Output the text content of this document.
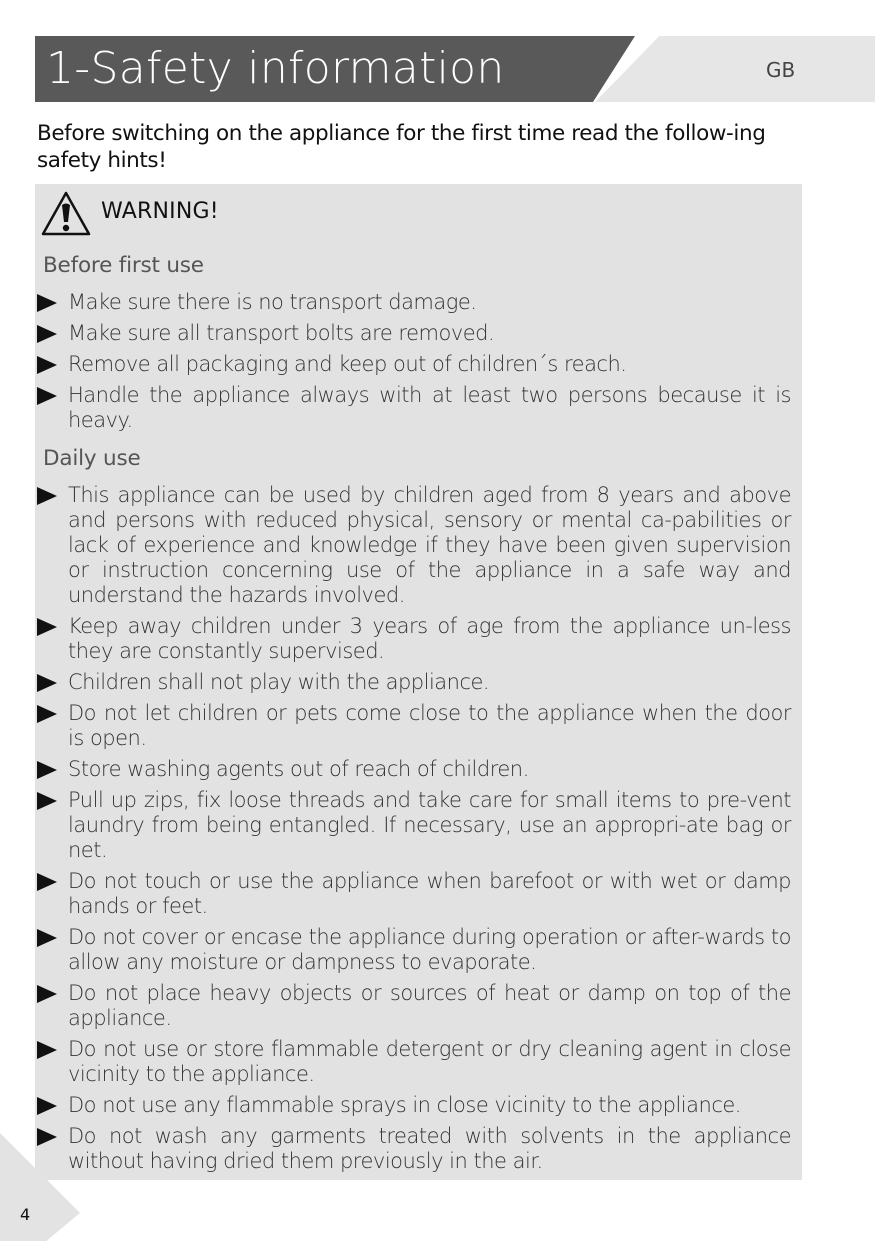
1-Safety information	GB
Before switching on the appliance for the first time read the follow-ing safety hints!
WARNING!
Before first use
Make sure there is no transport damage.
Make sure all transport bolts are removed.
Remove all packaging and keep out of children´s reach.
Handle the appliance always with at least two persons because it is heavy.
Daily use
This appliance can be used by children aged from 8 years and above and persons with reduced physical, sensory or mental ca-pabilities or lack of experience and knowledge if they have been given supervision or instruction concerning use of the appliance in a safe way and understand the hazards involved.
Keep away children under 3 years of age from the appliance un-less they are constantly supervised.
Children shall not play with the appliance.
Do not let children or pets come close to the appliance when the door is open.
Store washing agents out of reach of children.
Pull up zips, fix loose threads and take care for small items to pre-vent laundry from being entangled. If necessary, use an appropri-ate bag or net.
Do not touch or use the appliance when barefoot or with wet or damp hands or feet.
Do not cover or encase the appliance during operation or after-wards to allow any moisture or dampness to evaporate.
Do not place heavy objects or sources of heat or damp on top of the appliance.
Do not use or store flammable detergent or dry cleaning agent in close vicinity to the appliance.
Do not use any flammable sprays in close vicinity to the appliance.
Do not wash any garments treated with solvents in the appliance without having dried them previously in the air.
4
